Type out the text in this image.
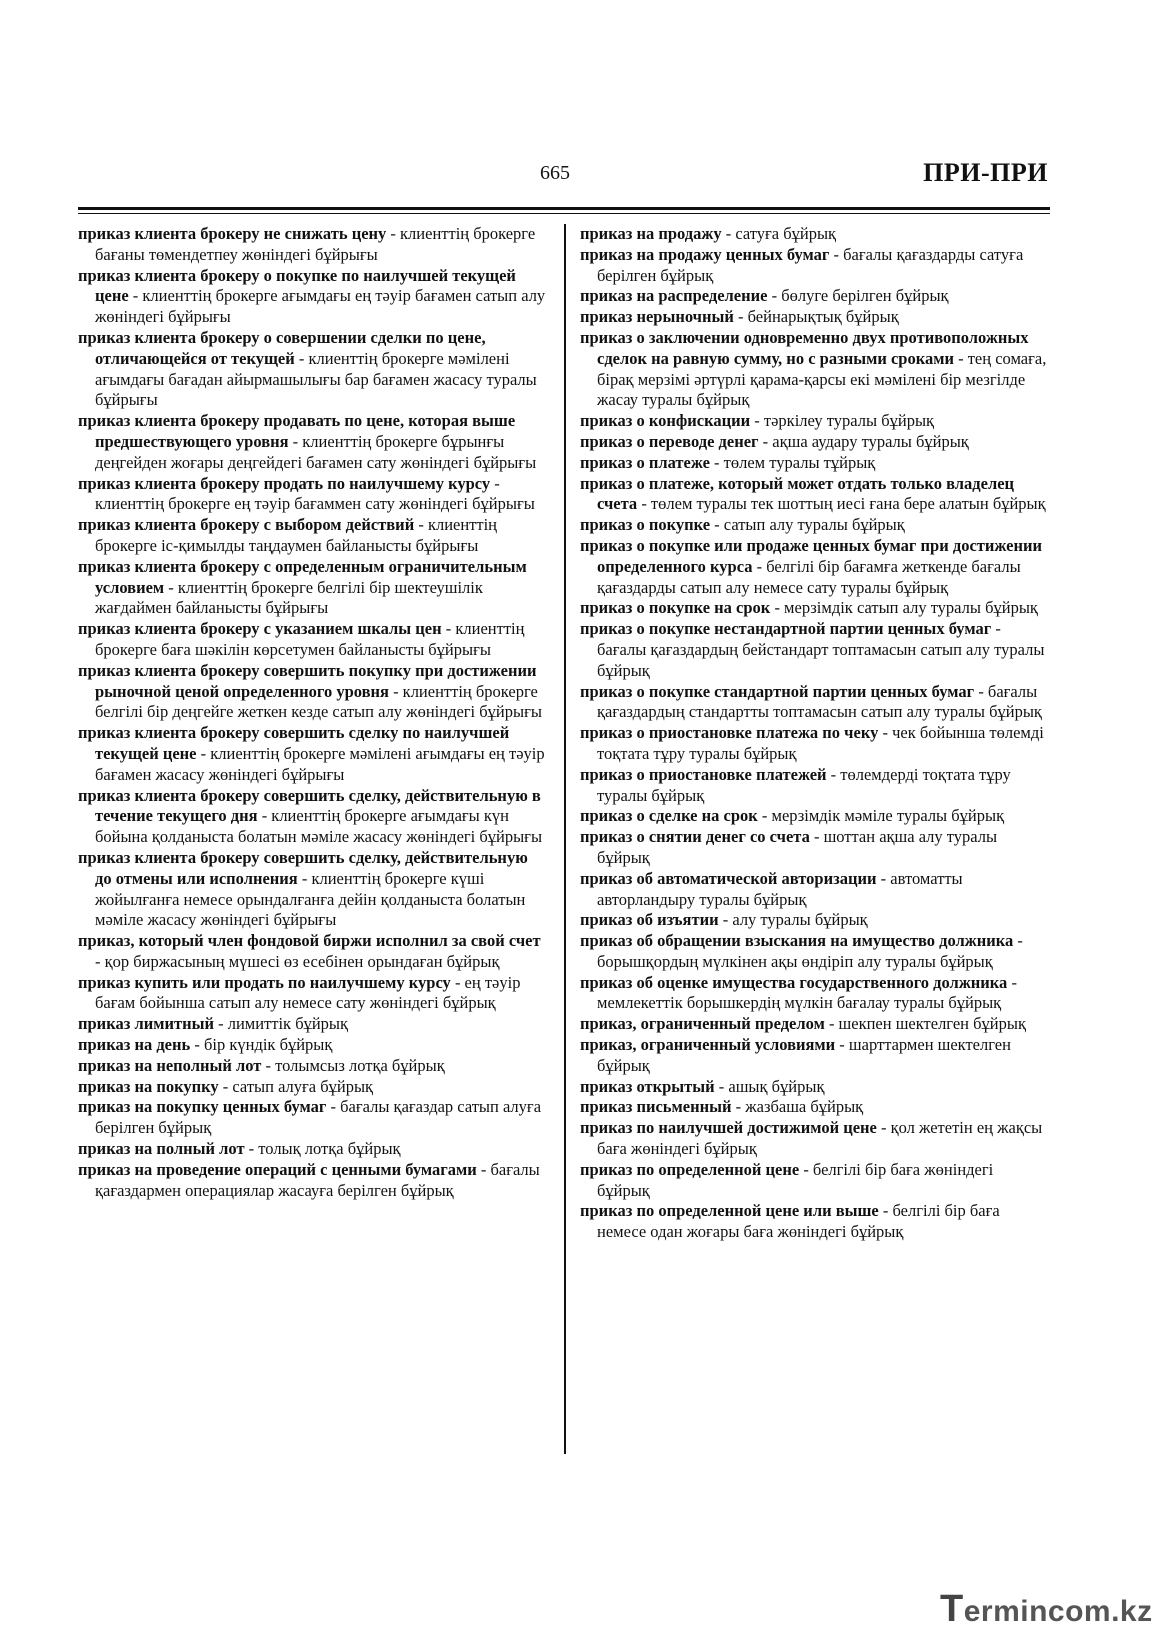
665	ПРИ-ПРИ

приказ клиента брокеру не снижать цену - клиенттің брокерге бағаны төмендетпеу жөніндегі бұйрығы

приказ клиента брокеру о покупке по наилучшей текущей цене - клиенттің брокерге ағымдағы ең тәуір бағамен сатып алу жөніндегі бұйрығы

приказ клиента брокеру о совершении сделки по цене, отличающейся от текущей - клиенттің брокерге мәмілені ағымдағы бағадан айырмашылығы бар бағамен жасасу туралы бұйрығы

приказ клиента брокеру продавать по цене, которая выше предшествующего уровня - клиенттің брокерге бұрынғы деңгейден жоғары деңгейдегі бағамен сату жөніндегі бұйрығы

приказ клиента брокеру продать по наилучшему курсу - клиенттің брокерге ең тәуір бағаммен сату жөніндегі бұйрығы

приказ клиента брокеру с выбором действий - клиенттің брокерге іс-қимылды таңдаумен байланысты бұйрығы

приказ клиента брокеру с определенным ограничительным условием - клиенттің брокерге белгілі бір шектеушілік жағдаймен байланысты бұйрығы

приказ клиента брокеру с указанием шкалы цен - клиенттің брокерге баға шәкілін көрсетумен байланысты бұйрығы

приказ клиента брокеру совершить покупку при достижении рыночной ценой определенного уровня - клиенттің брокерге белгілі бір деңгейге жеткен кезде сатып алу жөніндегі бұйрығы

приказ клиента брокеру совершить сделку по наилучшей текущей цене - клиенттің брокерге мәмілені ағымдағы ең тәуір бағамен жасасу жөніндегі бұйрығы

приказ клиента брокеру совершить сделку, действительную в течение текущего дня - клиенттің брокерге ағымдағы күн бойына қолданыста болатын мәміле жасасу жөніндегі бұйрығы

приказ клиента брокеру совершить сделку, действительную до отмены или исполнения - клиенттің брокерге күші жойылғанға немесе орындалғанға дейін қолданыста болатын мәміле жасасу жөніндегі бұйрығы

приказ, который член фондовой биржи исполнил за свой счет - қор биржасының мүшесі өз есебінен орындаған бұйрық

приказ купить или продать по наилучшему курсу - ең тәуір бағам бойынша сатып алу немесе сату жөніндегі бұйрық

приказ лимитный - лимиттік бұйрық

приказ на день - бір күндік бұйрық

приказ на неполный лот - толымсыз лотқа бұйрық

приказ на покупку - сатып алуға бұйрық

приказ на покупку ценных бумаг - бағалы қағаздар сатып алуға берілген бұйрық

приказ на полный лот - толық лотқа бұйрық

приказ на проведение операций с ценными бумагами - бағалы қағаздармен операциялар жасауға берілген бұйрық

приказ на продажу - сатуға бұйрық

приказ на продажу ценных бумаг - бағалы қағаздарды сатуға берілген бұйрық

приказ на распределение - бөлуге берілген бұйрық

приказ нерыночный - бейнарықтық бұйрық

приказ о заключении одновременно двух противоположных сделок на равную сумму, но с разными сроками - тең сомаға, бірақ мерзімі әртүрлі қарама-қарсы екі мәмілені бір мезгілде жасау туралы бұйрық

приказ о конфискации - тәркілеу туралы бұйрық

приказ о переводе денег - ақша аудару туралы бұйрық

приказ о платеже - төлем туралы тұйрық

приказ о платеже, который может отдать только владелец счета - төлем туралы тек шоттың иесі ғана бере алатын бұйрық

приказ о покупке - сатып алу туралы бұйрық

приказ о покупке или продаже ценных бумаг при достижении определенного курса - белгілі бір бағамға жеткенде бағалы қағаздарды сатып алу немесе сату туралы бұйрық

приказ о покупке на срок - мерзімдік сатып алу туралы бұйрық

приказ о покупке нестандартной партии ценных бумаг - бағалы қағаздардың бейстандарт топтамасын сатып алу туралы бұйрық

приказ о покупке стандартной партии ценных бумаг - бағалы қағаздардың стандартты топтамасын сатып алу туралы бұйрық

приказ о приостановке платежа по чеку - чек бойынша төлемді тоқтата тұру туралы бұйрық

приказ о приостановке платежей - төлемдерді тоқтата тұру туралы бұйрық

приказ о сделке на срок - мерзімдік мәміле туралы бұйрық

приказ о снятии денег со счета - шоттан ақша алу туралы бұйрық

приказ об автоматической авторизации - автоматты авторландыру туралы бұйрық

приказ об изъятии - алу туралы бұйрық

приказ об обращении взыскания на имущество должника - борышқордың мүлкінен ақы өндіріп алу туралы бұйрық

приказ об оценке имущества государственного должника - мемлекеттік борышкердің мүлкін бағалау туралы бұйрық

приказ, ограниченный пределом - шекпен шектелген бұйрық

приказ, ограниченный условиями - шарттармен шектелген бұйрық

приказ открытый - ашық бұйрық

приказ письменный - жазбаша бұйрық

приказ по наилучшей достижимой цене - қол жететін ең жақсы баға жөніндегі бұйрық

приказ по определенной цене - белгілі бір баға жөніндегі бұйрық

приказ по определенной цене или выше - белгілі бір баға немесе одан жоғары баға жөніндегі бұйрық

Termincom.kz
